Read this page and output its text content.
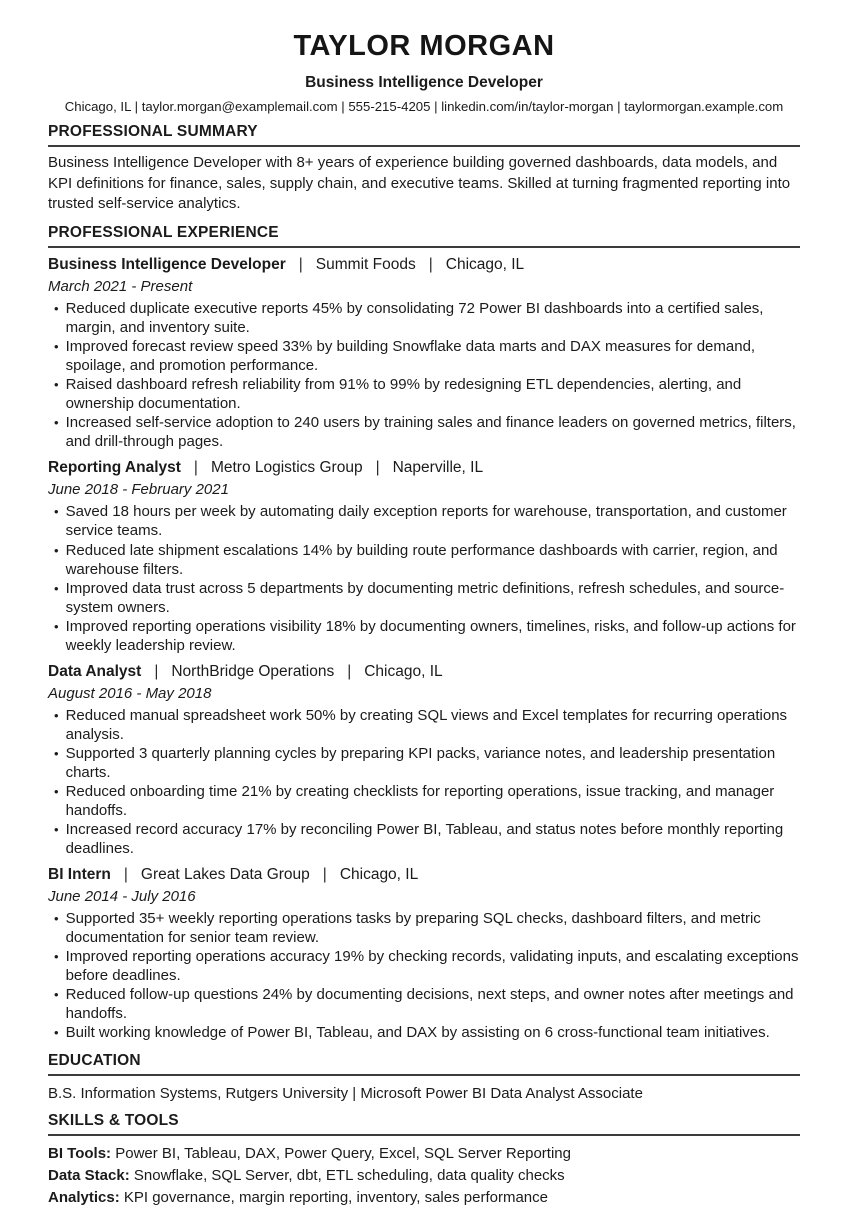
TAYLOR MORGAN
Business Intelligence Developer
Chicago, IL | taylor.morgan@examplemail.com | 555-215-4205 | linkedin.com/in/taylor-morgan | taylormorgan.example.com
PROFESSIONAL SUMMARY

Business Intelligence Developer with 8+ years of experience building governed dashboards, data models, and KPI definitions for finance, sales, supply chain, and executive teams. Skilled at turning fragmented reporting into trusted self-service analytics.

PROFESSIONAL EXPERIENCE
Business Intelligence Developer | Summit Foods | Chicago, IL
March 2021 - Present
• Reduced duplicate executive reports 45% by consolidating 72 Power BI dashboards into a certified sales, margin, and inventory suite.
• Improved forecast review speed 33% by building Snowflake data marts and DAX measures for demand, spoilage, and promotion performance.
• Raised dashboard refresh reliability from 91% to 99% by redesigning ETL dependencies, alerting, and ownership documentation.
• Increased self-service adoption to 240 users by training sales and finance leaders on governed metrics, filters, and drill-through pages.
Reporting Analyst | Metro Logistics Group | Naperville, IL
June 2018 - February 2021
• Saved 18 hours per week by automating daily exception reports for warehouse, transportation, and customer service teams.
• Reduced late shipment escalations 14% by building route performance dashboards with carrier, region, and warehouse filters.
• Improved data trust across 5 departments by documenting metric definitions, refresh schedules, and source-system owners.
• Improved reporting operations visibility 18% by documenting owners, timelines, risks, and follow-up actions for weekly leadership review.
Data Analyst | NorthBridge Operations | Chicago, IL
August 2016 - May 2018
• Reduced manual spreadsheet work 50% by creating SQL views and Excel templates for recurring operations analysis.
• Supported 3 quarterly planning cycles by preparing KPI packs, variance notes, and leadership presentation charts.
• Reduced onboarding time 21% by creating checklists for reporting operations, issue tracking, and manager handoffs.
• Increased record accuracy 17% by reconciling Power BI, Tableau, and status notes before monthly reporting deadlines.
BI Intern | Great Lakes Data Group | Chicago, IL
June 2014 - July 2016
• Supported 35+ weekly reporting operations tasks by preparing SQL checks, dashboard filters, and metric documentation for senior team review.
• Improved reporting operations accuracy 19% by checking records, validating inputs, and escalating exceptions before deadlines.
• Reduced follow-up questions 24% by documenting decisions, next steps, and owner notes after meetings and handoffs.
• Built working knowledge of Power BI, Tableau, and DAX by assisting on 6 cross-functional team initiatives.
EDUCATION

B.S. Information Systems, Rutgers University | Microsoft Power BI Data Analyst Associate

SKILLS & TOOLS
BI Tools: Power BI, Tableau, DAX, Power Query, Excel, SQL Server Reporting
Data Stack: Snowflake, SQL Server, dbt, ETL scheduling, data quality checks
Analytics: KPI governance, margin reporting, inventory, sales performance
